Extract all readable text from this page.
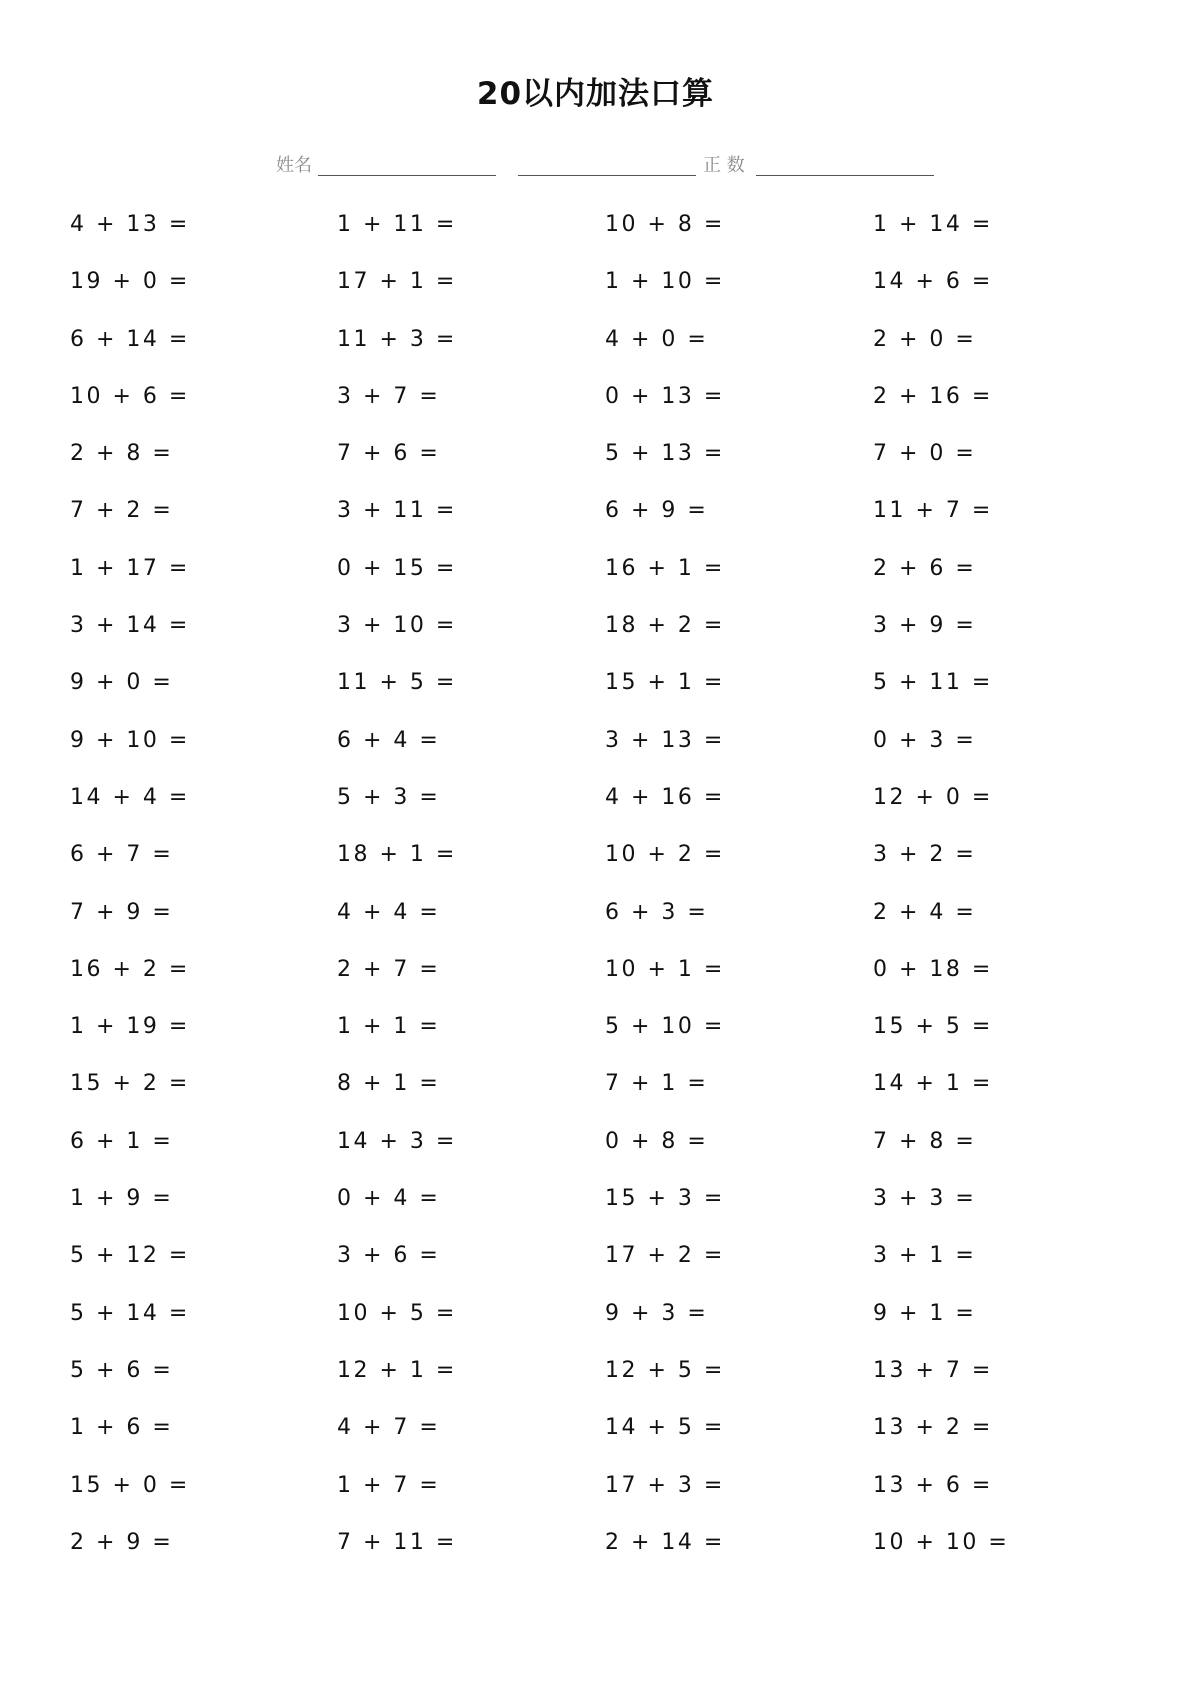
20以内加法口算
姓名	正 数
4 + 13 =	1 + 11 =	10 + 8 =	1 + 14 =
19 + 0 =	17 + 1 =	1 + 10 =	14 + 6 =
6 + 14 =	11 + 3 =	4 + 0 =	2 + 0 =
10 + 6 =	3 + 7 =	0 + 13 =	2 + 16 =
2 + 8 =	7 + 6 =	5 + 13 =	7 + 0 =
7 + 2 =	3 + 11 =	6 + 9 =	11 + 7 =
1 + 17 =	0 + 15 =	16 + 1 =	2 + 6 =
3 + 14 =	3 + 10 =	18 + 2 =	3 + 9 =
9 + 0 =	11 + 5 =	15 + 1 =	5 + 11 =
9 + 10 =	6 + 4 =	3 + 13 =	0 + 3 =
14 + 4 =	5 + 3 =	4 + 16 =	12 + 0 =
6 + 7 =	18 + 1 =	10 + 2 =	3 + 2 =
7 + 9 =	4 + 4 =	6 + 3 =	2 + 4 =
16 + 2 =	2 + 7 =	10 + 1 =	0 + 18 =
1 + 19 =	1 + 1 =	5 + 10 =	15 + 5 =
15 + 2 =	8 + 1 =	7 + 1 =	14 + 1 =
6 + 1 =	14 + 3 =	0 + 8 =	7 + 8 =
1 + 9 =	0 + 4 =	15 + 3 =	3 + 3 =
5 + 12 =	3 + 6 =	17 + 2 =	3 + 1 =
5 + 14 =	10 + 5 =	9 + 3 =	9 + 1 =
5 + 6 =	12 + 1 =	12 + 5 =	13 + 7 =
1 + 6 =	4 + 7 =	14 + 5 =	13 + 2 =
15 + 0 =	1 + 7 =	17 + 3 =	13 + 6 =
2 + 9 =	7 + 11 =	2 + 14 =	10 + 10 =
